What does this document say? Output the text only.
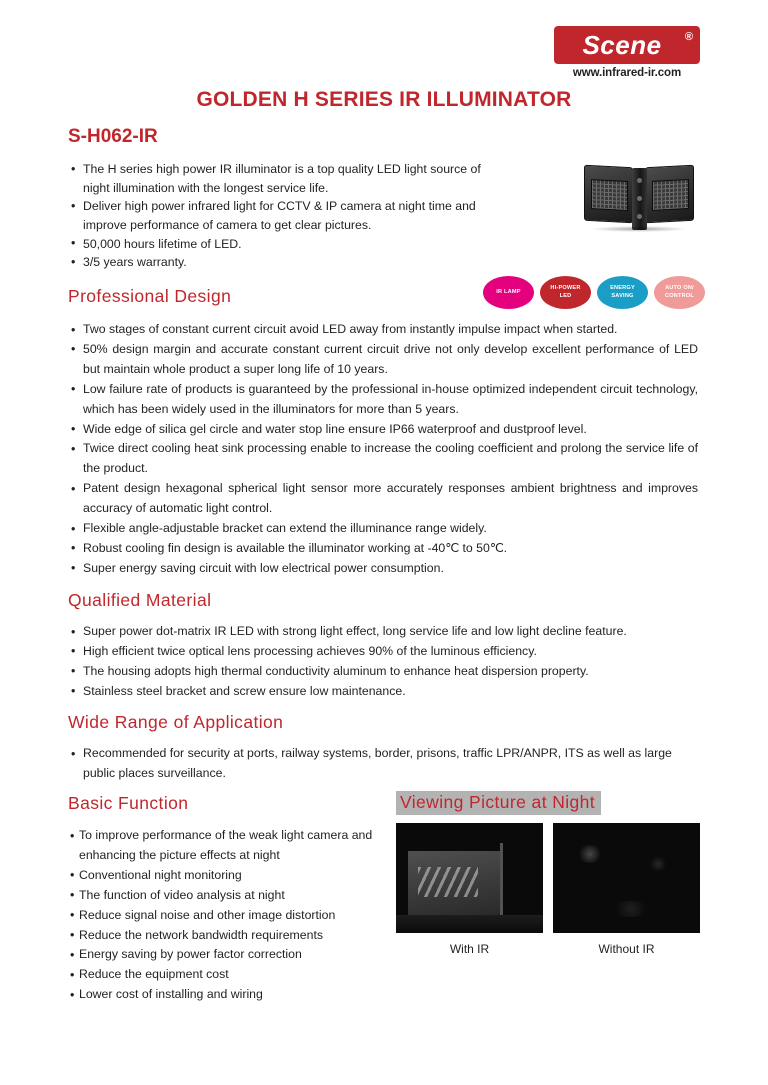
Scene	®
www.infrared-ir.com
GOLDEN H SERIES IR ILLUMINATOR
S-H062-IR
• The H series high power IR illuminator is a top quality LED light source of night illumination with the longest service life.
• Deliver high power infrared light for CCTV & IP camera at night time and improve performance of camera to get clear pictures.
• 50,000 hours lifetime of LED.
• 3/5 years warranty.
IR LAMP
HI-POWER
LED
ENERGY
SAVING
AUTO ON/
CONTROL
Professional Design
• Two stages of constant current circuit avoid LED away from instantly impulse impact when started.
• 50% design margin and accurate constant current circuit drive not only develop excellent performance of LED but maintain whole product a super long life of 10 years.
• Low failure rate of products is guaranteed by the professional in-house optimized independent circuit technology, which has been widely used in the illuminators for more than 5 years.
• Wide edge of silica gel circle and water stop line ensure IP66 waterproof and dustproof level.
• Twice direct cooling heat sink processing enable to increase the cooling coefficient and prolong the service life of the product.
• Patent design hexagonal spherical light sensor more accurately responses ambient brightness and improves accuracy of automatic light control.
• Flexible angle-adjustable bracket can extend the illuminance range widely.
• Robust cooling fin design is available the illuminator working at -40℃ to 50℃.
• Super energy saving circuit with low electrical power consumption.
Qualified Material
• Super power dot-matrix IR LED with strong light effect, long service life and low light decline feature.
• High efficient twice optical lens processing achieves 90% of the luminous efficiency.
• The housing adopts high thermal conductivity aluminum to enhance heat dispersion property.
• Stainless steel bracket and screw ensure low maintenance.
Wide Range of Application
• Recommended for security at ports, railway systems, border, prisons, traffic LPR/ANPR, ITS as well as large public places surveillance.
Basic Function
• To improve performance of the weak light camera and enhancing the picture effects at night
• Conventional night monitoring
• The function of video analysis at night
• Reduce signal noise and other image distortion
• Reduce the network bandwidth requirements
• Energy saving by power factor correction
• Reduce the equipment cost
• Lower cost of installing and wiring
Viewing Picture at Night
With IR	Without IR
